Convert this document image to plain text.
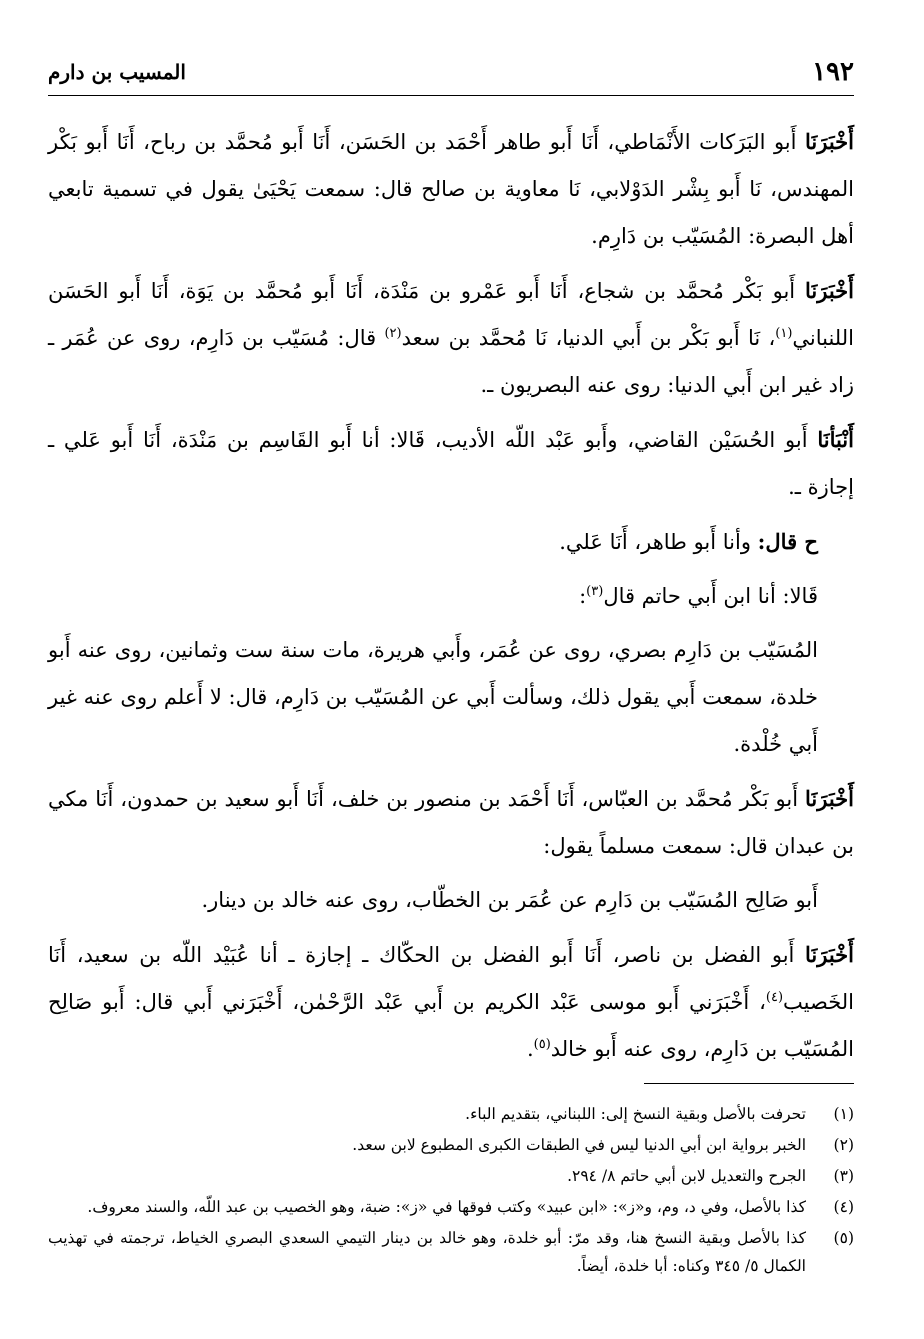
١٩٢
المسيب بن دارم

أَخْبَرَنَا أَبو البَرَكات الأَنْمَاطي، أَنَا أَبو طاهر أَحْمَد بن الحَسَن، أَنَا أَبو مُحمَّد بن رباح، أَنَا أَبو بَكْر المهندس، نَا أَبو بِشْر الدَوْلابي، نَا معاوية بن صالح قال: سمعت يَحْيَىٰ يقول في تسمية تابعي أهل البصرة: المُسَيّب بن دَارِم.

أَخْبَرَنَا أَبو بَكْر مُحمَّد بن شجاع، أَنَا أَبو عَمْرو بن مَنْدَة، أَنَا أَبو مُحمَّد بن يَوَة، أَنَا أَبو الحَسَن اللنباني$^{(١)}$، نَا أَبو بَكْر بن أَبي الدنيا، نَا مُحمَّد بن سعد$^{(٢)}$ قال: مُسَيّب بن دَارِم، روى عن عُمَر ـ زاد غير ابن أَبي الدنيا: روى عنه البصريون ـ.

أَنْبَأنَا أَبو الحُسَيْن القاضي، وأَبو عَبْد اللّه الأديب، قَالا: أنا أَبو القَاسِم بن مَنْدَة، أَنَا أَبو عَلي ـ إجازة ـ.

ح قال: وأنا أَبو طاهر، أَنَا عَلي.

قَالا: أنا ابن أَبي حاتم قال$^{(٣)}$:

المُسَيّب بن دَارِم بصري، روى عن عُمَر، وأَبي هريرة، مات سنة ست وثمانين، روى عنه أَبو خلدة، سمعت أَبي يقول ذلك، وسألت أَبي عن المُسَيّب بن دَارِم، قال: لا أَعلم روى عنه غير أَبي خُلْدة.

أَخْبَرَنَا أَبو بَكْر مُحمَّد بن العبّاس، أَنَا أَحْمَد بن منصور بن خلف، أَنَا أَبو سعيد بن حمدون، أَنَا مكي بن عبدان قال: سمعت مسلماً يقول:

أَبو صَالِح المُسَيّب بن دَارِم عن عُمَر بن الخطّاب، روى عنه خالد بن دينار.

أَخْبَرَنَا أَبو الفضل بن ناصر، أَنَا أَبو الفضل بن الحكّاك ـ إجازة ـ أنا عُبَيْد اللّه بن سعيد، أَنَا الخَصيب$^{(٤)}$، أَخْبَرَني أَبو موسى عَبْد الكريم بن أَبي عَبْد الرَّحْمٰن، أَخْبَرَني أَبي قال: أَبو صَالِح المُسَيّب بن دَارِم، روى عنه أَبو خالد$^{(٥)}$.

(١)
تحرفت بالأصل وبقية النسخ إلى: اللبناني، بتقديم الباء.
(٢)
الخبر برواية ابن أبي الدنيا ليس في الطبقات الكبرى المطبوع لابن سعد.
(٣)
الجرح والتعديل لابن أبي حاتم ٨/ ٢٩٤.
(٤)
كذا بالأصل، وفي د، وم، و«ز»: «ابن عبيد» وكتب فوقها في «ز»: ضبة، وهو الخصيب بن عبد اللّه، والسند معروف.
(٥)
كذا بالأصل وبقية النسخ هنا، وقد مرّ: أبو خلدة، وهو خالد بن دينار التيمي السعدي البصري الخياط، ترجمته في تهذيب الكمال ٥/ ٣٤٥ وكناه: أبا خلدة، أيضاً.
